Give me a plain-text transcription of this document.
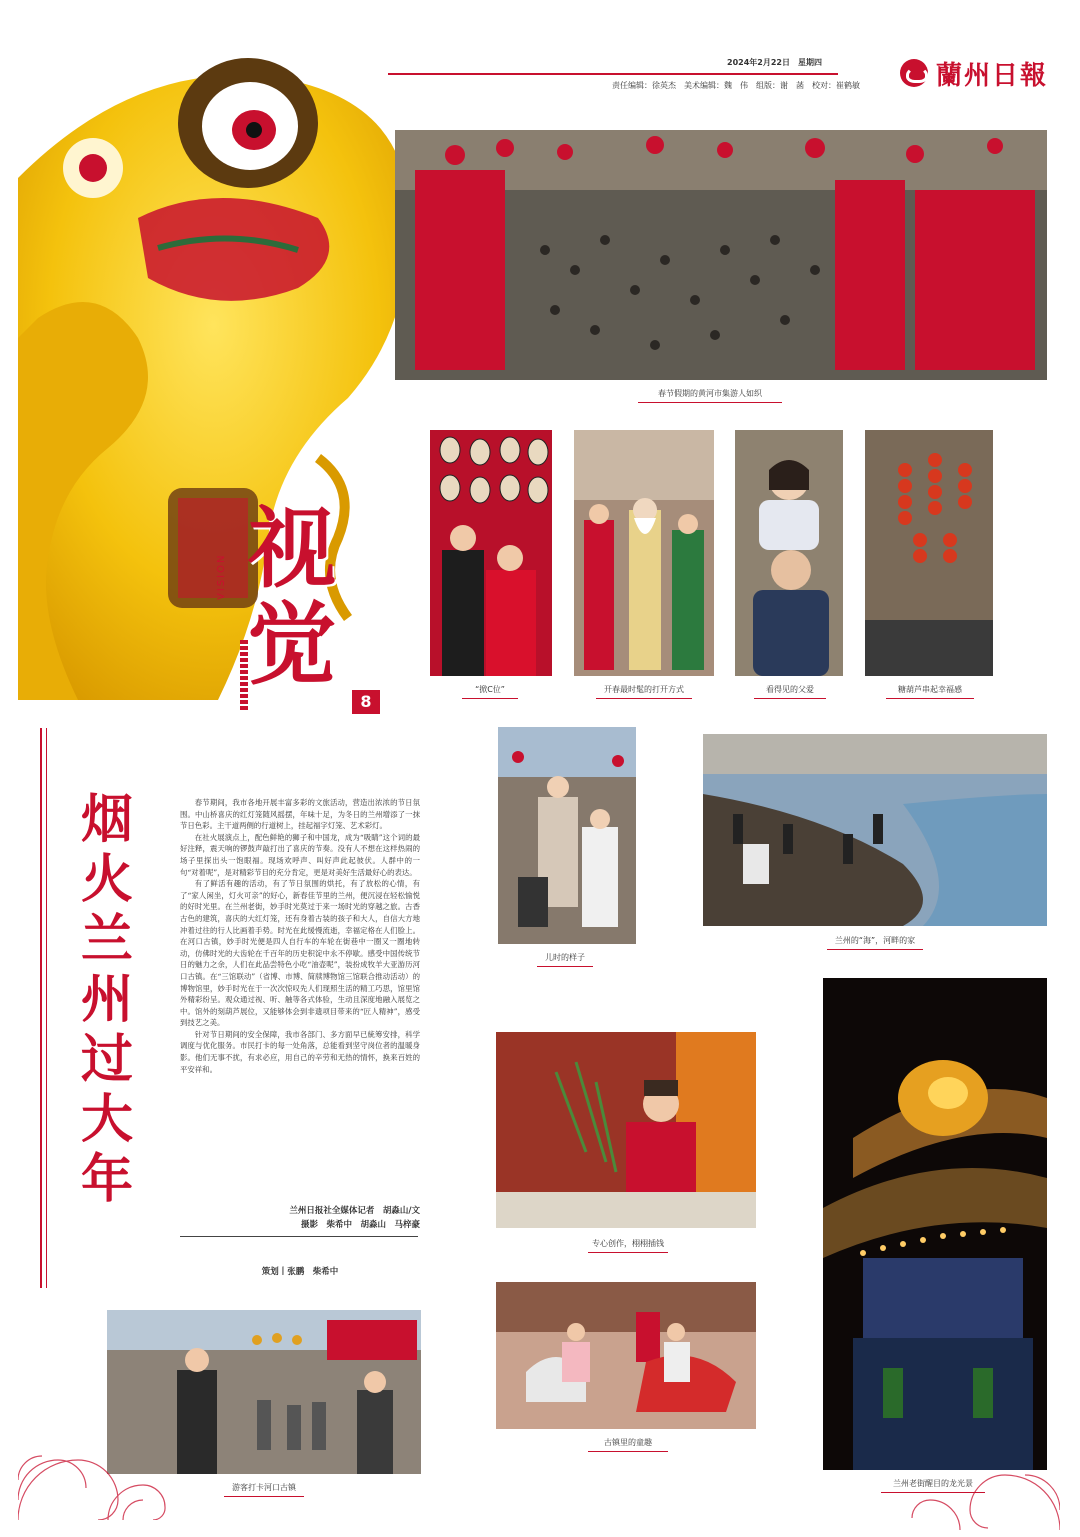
2024年2月22日　星期四
责任编辑：徐英杰　美术编辑：魏　伟　组版：谢　菡　校对：崔鹤敏	蘭州日報
春节假期的黄河市集游人如织
“掀C位”	开春最时髦的打开方式	看得见的父爱	糖葫芦串起幸福感
视
觉
VISION
8
烟火兰州过大年

春节期间，我市各地开展丰富多彩的文旅活动，营造出浓浓的节日氛围。中山桥喜庆的红灯笼随风摇摆，年味十足，为冬日的兰州增添了一抹节日色彩。主干道两侧的行道树上，挂起福字灯笼、艺术彩灯。

在社火展演点上，配色鲜艳的狮子和中国龙，成为“吸睛”这个词的最好注释，震天响的锣鼓声敲打出了喜庆的节奏。没有人不想在这样热闹的场子里探出头一饱眼福。现场欢呼声、叫好声此起彼伏。人群中的一句“对着呢”，是对精彩节目的充分肯定，更是对美好生活最好心的表达。

有了鲜活有趣的活动，有了节日氛围的烘托，有了放松的心情，有了“家人闲坐，灯火可亲”的好心，新春佳节里的兰州，便沉浸在轻松愉悦的好时光里。在兰州老街，妙手时光莫过于来一场时光的穿越之旅。古香古色的建筑，喜庆的大红灯笼，还有身着古装的孩子和大人，自信大方地冲着过往的行人比画着手势。时光在此缓慢流逝，幸福定格在人们脸上。在河口古镇，妙手时光便是四人自行车的车轮在街巷中一圈又一圈地转动，仿佛时光的大齿轮在千百年的历史积淀中永不停歇。感受中国传统节日的魅力之余，人们在此品尝特色小吃“油壶呢”，装扮成牧羊大亚游历河口古镇。在“三馆联动”（省博、市博、简牍博物馆三馆联合推动活动）的博物馆里，妙手时光在于一次次惊叹先人们现照生活的精工巧思，馆里馆外精彩纷呈。观众通过视、听、触等各式体验，生动且深度地融入展览之中。馆外的刻葫芦展位，又能够体会到非遗项目带来的“匠人精神”，感受到技艺之美。

针对节日期间的安全保障，我市各部门、多方面早已統筹安排，科学调度与优化服务。市民打卡的每一处角落，总能看到坚守岗位者的温暖身影。他们无事不扰，有求必应，用自己的辛劳和无热的情怀，换来百姓的平安祥和。

兰州日报社全媒体记者　胡淼山/文
摄影　柴希中　胡淼山　马梓豪
策划丨张鹏　柴希中
儿时的样子
兰州的“海”，河畔的家
专心创作，栩栩插钱
古镇里的童趣
游客打卡河口古镇	兰州老街醒目的龙光景
